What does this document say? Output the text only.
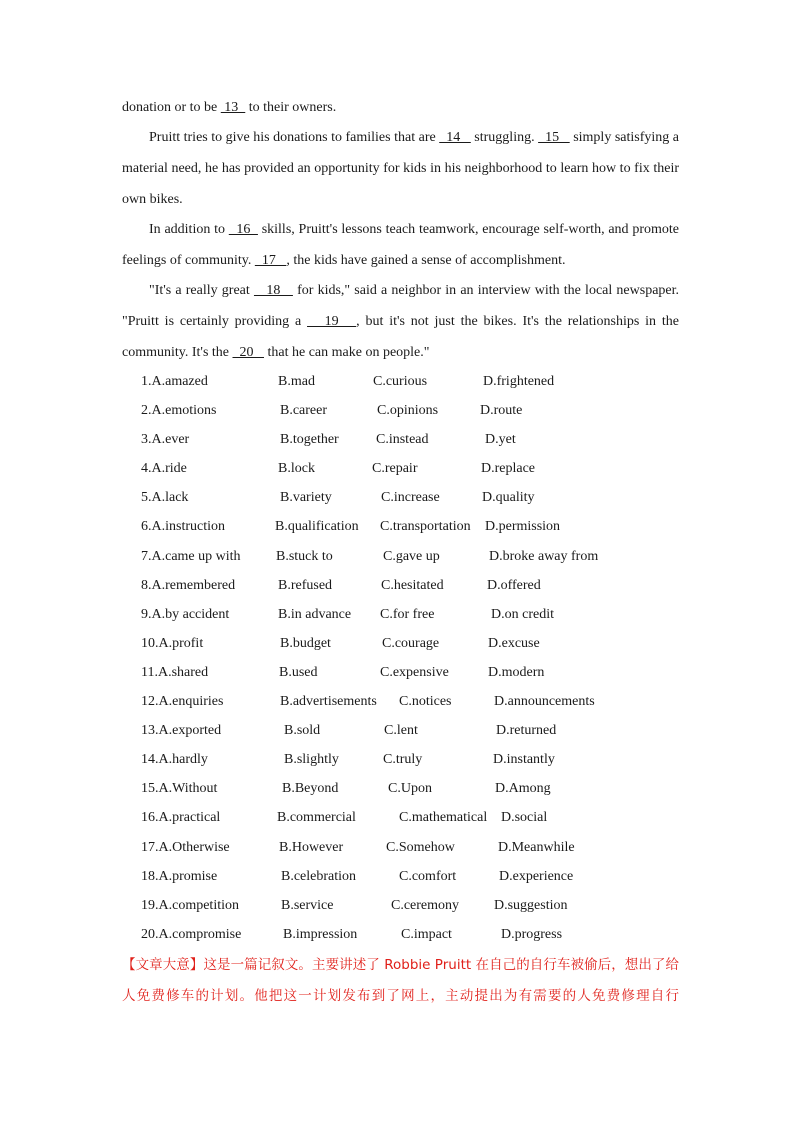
donation or to be  13   to their owners.

Pruitt tries to give his donations to families that are   14    struggling.   15    simply satisfying a material need, he has provided an opportunity for kids in his neighborhood to learn how to fix their own bikes.

In addition to   16   skills, Pruitt's lessons teach teamwork, encourage self-worth, and promote feelings of community.   17   , the kids have gained a sense of accomplishment.

"It's a really great    18    for kids," said a neighbor in an interview with the local newspaper. "Pruitt is certainly providing a    19   , but it's not just the bikes. It's the relationships in the community. It's the   20    that he can make on people."

1.A.amazed	B.mad	C.curious	D.frightened
2.A.emotions	B.career	C.opinions	D.route
3.A.ever	B.together	C.instead	D.yet
4.A.ride	B.lock	C.repair	D.replace
5.A.lack	B.variety	C.increase	D.quality
6.A.instruction	B.qualification C.transportation D.permission
7.A.came up with	B.stuck to	C.gave up	D.broke away from
8.A.remembered	B.refused	C.hesitated	D.offered
9.A.by accident	B.in advance C.for free	D.on credit
10.A.profit	B.budget	C.courage	D.excuse
11.A.shared	B.used	C.expensive	D.modern
12.A.enquiries	B.advertisements C.notices	D.announcements
13.A.exported	B.sold	C.lent	D.returned
14.A.hardly	B.slightly	C.truly	D.instantly
15.A.Without	B.Beyond	C.Upon	D.Among
16.A.practical	B.commercial	C.mathematical D.social
17.A.Otherwise	B.However	C.Somehow	D.Meanwhile
18.A.promise	B.celebration	C.comfort	D.experience
19.A.competition	B.service	C.ceremony D.suggestion
20.A.compromise	B.impression	C.impact	D.progress

【文章大意】这是一篇记叙文。主要讲述了 Robbie Pruitt 在自己的自行车被偷后，想出了给人免费修车的计划。他把这一计划发布到了网上，主动提出为有需要的人免费修理自行
